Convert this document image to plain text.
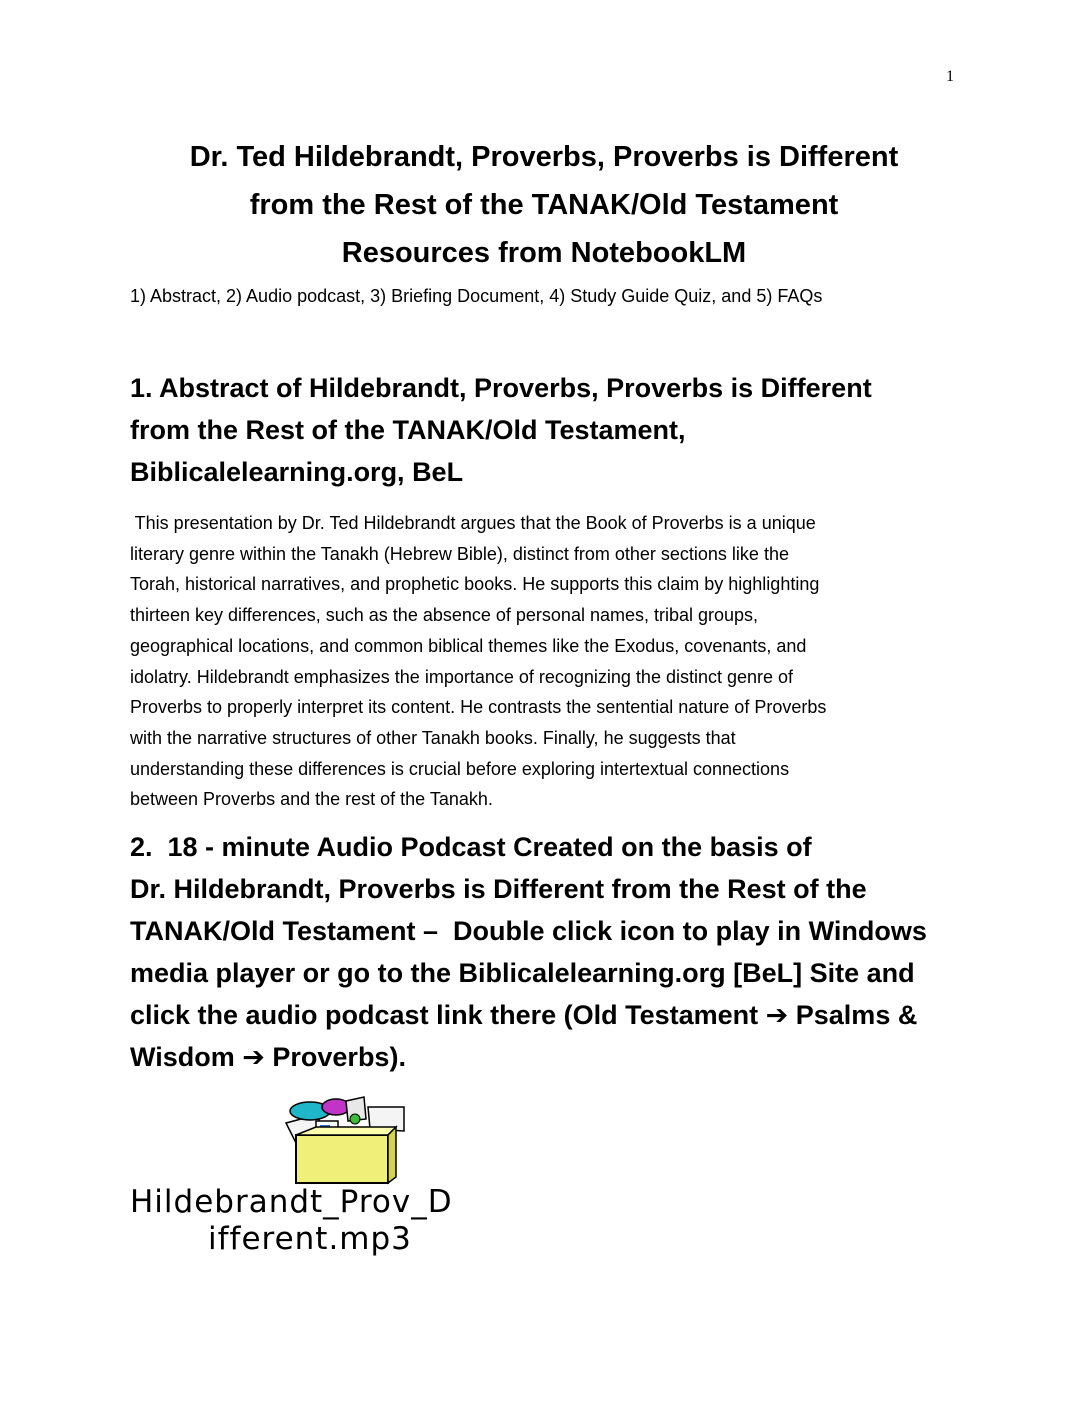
1
Dr. Ted Hildebrandt, Proverbs, Proverbs is Different
from the Rest of the TANAK/Old Testament
Resources from NotebookLM
1) Abstract, 2) Audio podcast, 3) Briefing Document, 4) Study Guide Quiz, and 5) FAQs
1. Abstract of Hildebrandt, Proverbs, Proverbs is Different
from the Rest of the TANAK/Old Testament,
Biblicalelearning.org, BeL
This presentation by Dr. Ted Hildebrandt argues that the Book of Proverbs is a unique
literary genre within the Tanakh (Hebrew Bible), distinct from other sections like the
Torah, historical narratives, and prophetic books. He supports this claim by highlighting
thirteen key differences, such as the absence of personal names, tribal groups,
geographical locations, and common biblical themes like the Exodus, covenants, and
idolatry. Hildebrandt emphasizes the importance of recognizing the distinct genre of
Proverbs to properly interpret its content. He contrasts the sentential nature of Proverbs
with the narrative structures of other Tanakh books. Finally, he suggests that
understanding these differences is crucial before exploring intertextual connections
between Proverbs and the rest of the Tanakh.
2.  18 - minute Audio Podcast Created on the basis of
Dr. Hildebrandt, Proverbs is Different from the Rest of the
TANAK/Old Testament –  Double click icon to play in Windows
media player or go to the Biblicalelearning.org [BeL] Site and
click the audio podcast link there (Old Testament ➔ Psalms &
Wisdom ➔ Proverbs).
Hildebrandt_Prov_D
ifferent.mp3
